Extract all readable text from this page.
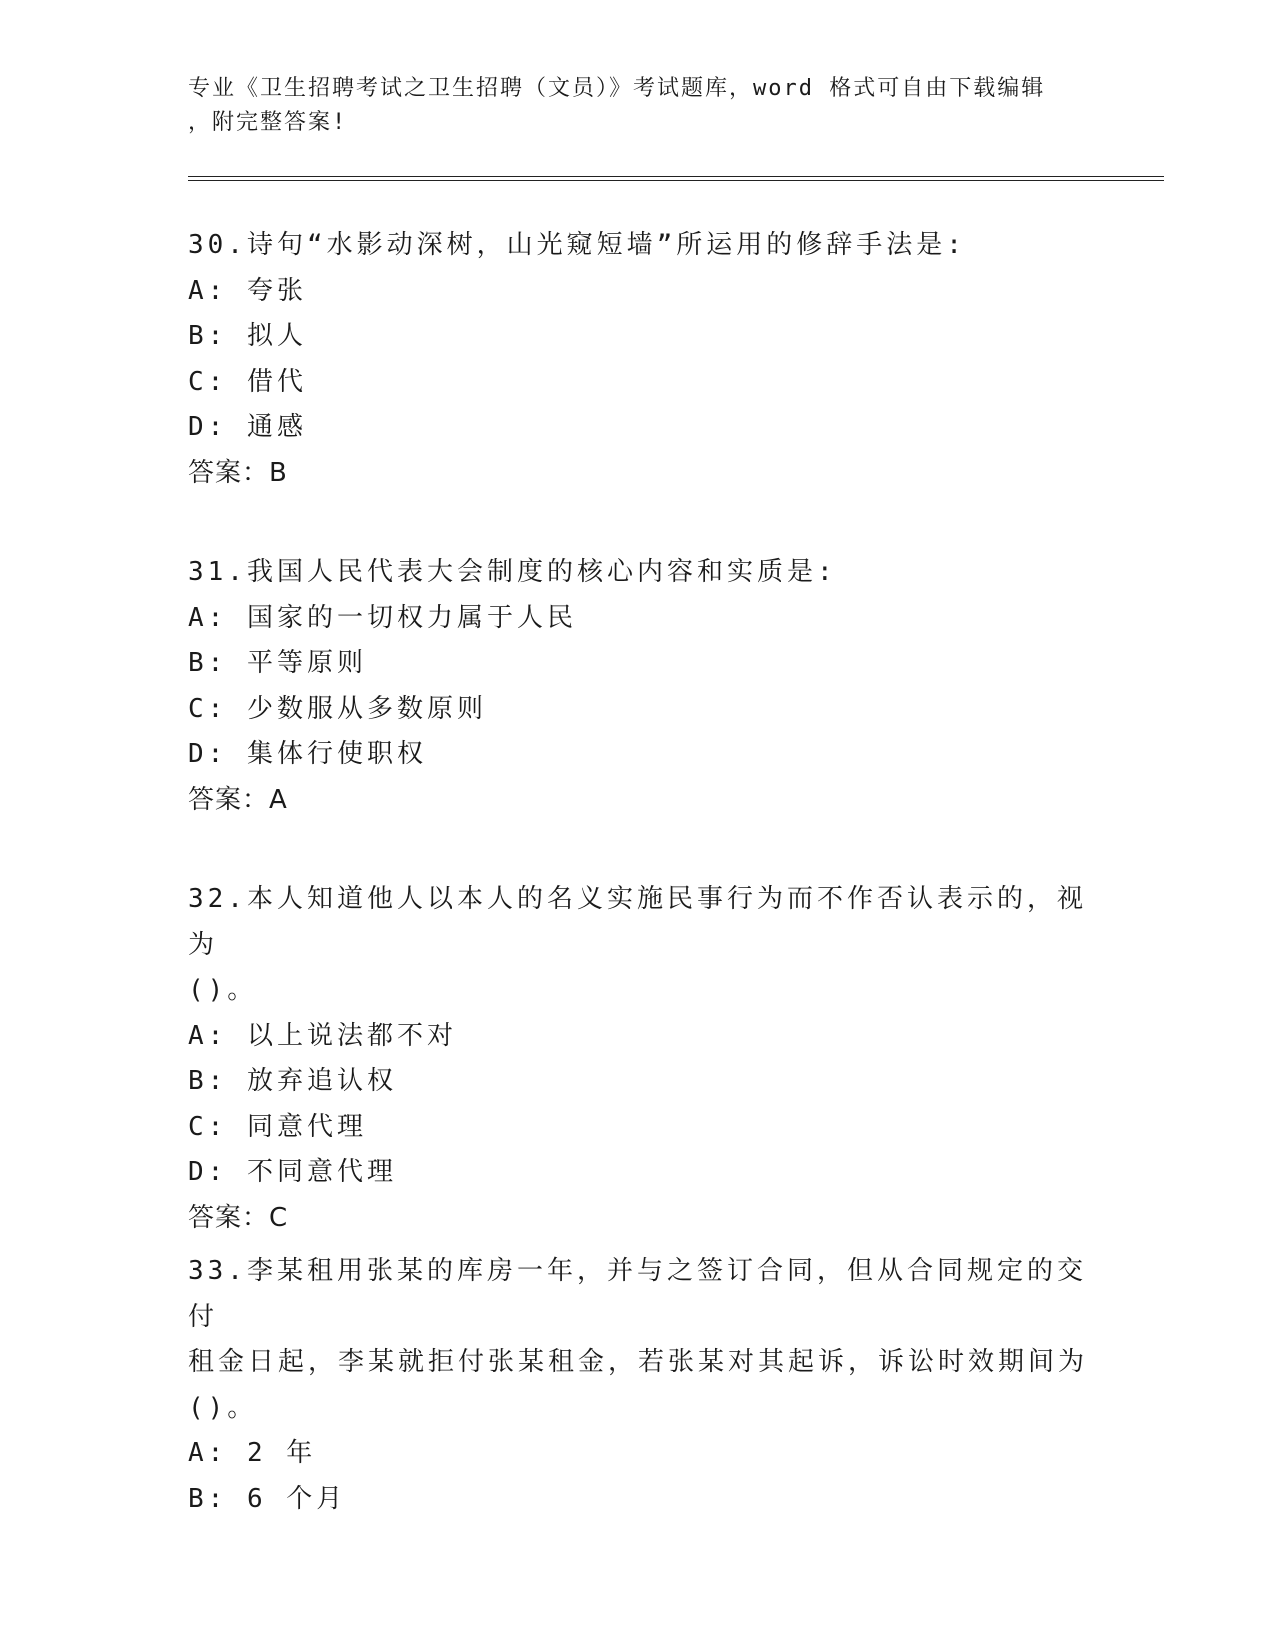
专业《卫生招聘考试之卫生招聘（文员）》考试题库，word 格式可自由下载编辑
，附完整答案!
30.诗句“水影动深树，山光窥短墙”所运用的修辞手法是:
A: 夸张
B: 拟人
C: 借代
D: 通感
答案：B
31.我国人民代表大会制度的核心内容和实质是:
A: 国家的一切权力属于人民
B: 平等原则
C: 少数服从多数原则
D: 集体行使职权
答案：A
32.本人知道他人以本人的名义实施民事行为而不作否认表示的，视为
()。
A: 以上说法都不对
B: 放弃追认权
C: 同意代理
D: 不同意代理
答案：C
33.李某租用张某的库房一年，并与之签订合同，但从合同规定的交付
租金日起，李某就拒付张某租金，若张某对其起诉，诉讼时效期间为
()。
A: 2 年
B: 6 个月
